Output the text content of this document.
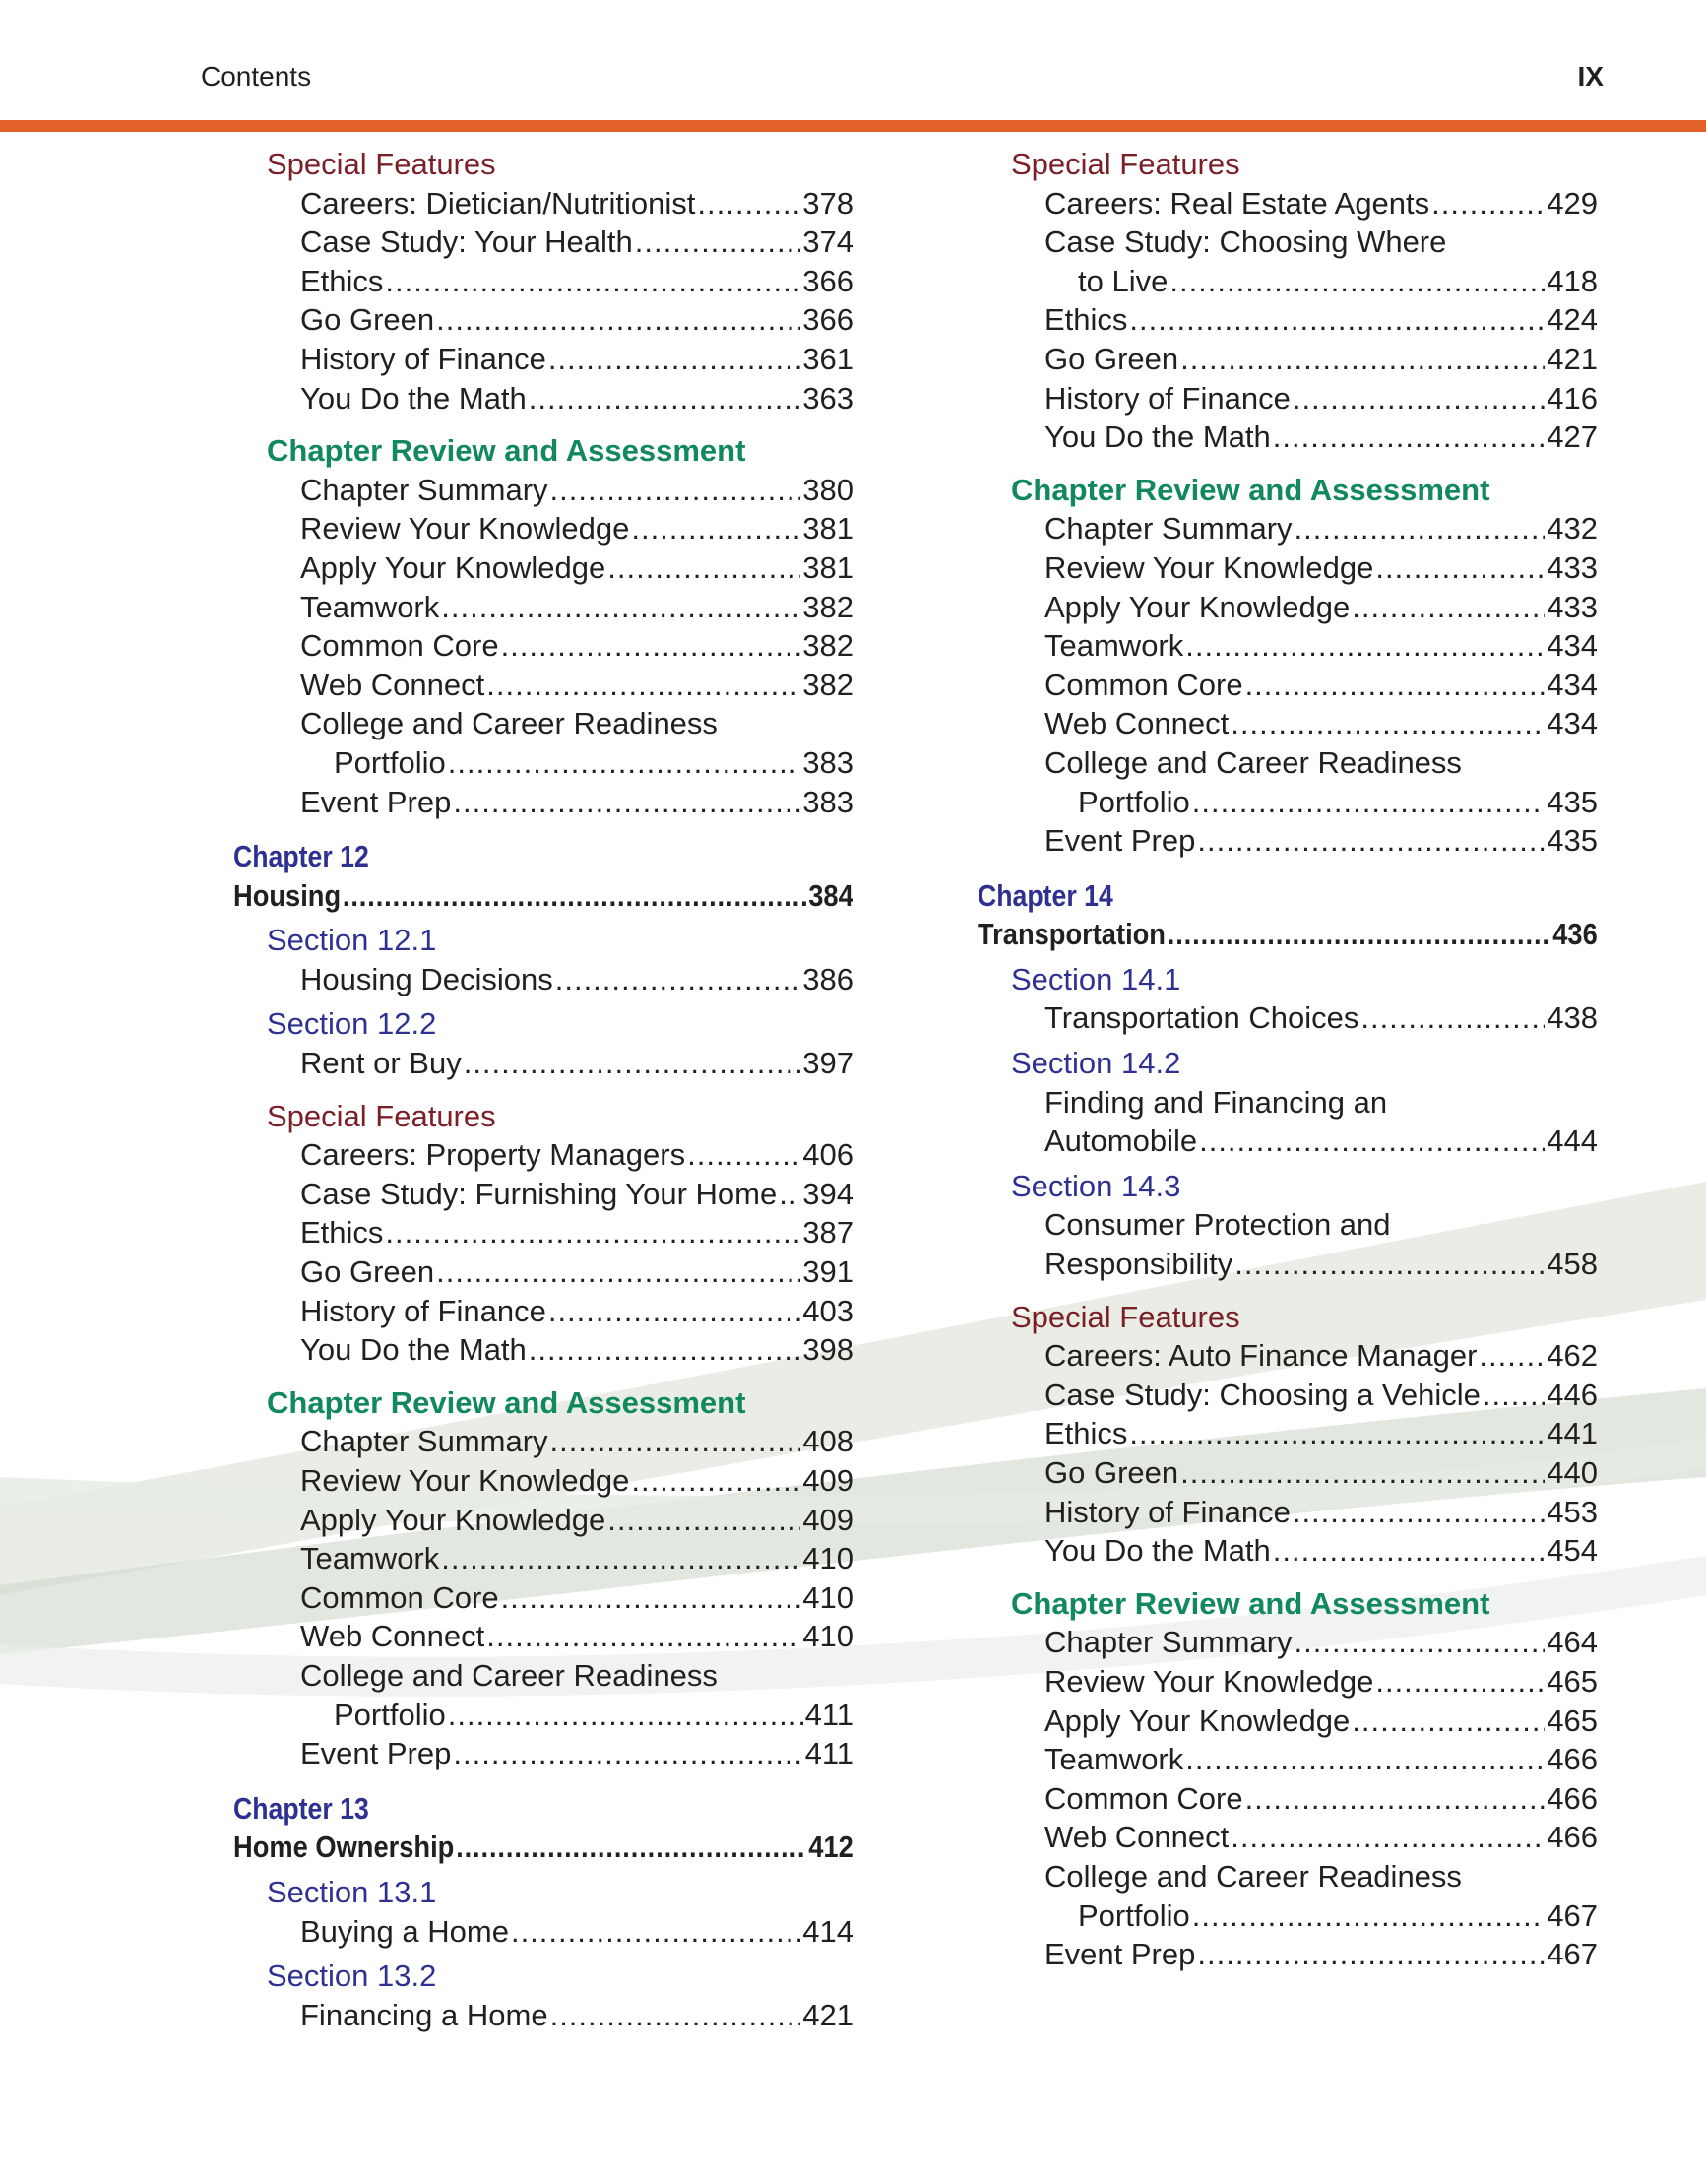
Contents	IX
Special Features
Careers: Dietician/Nutritionist .....	378
Case Study: Your Health .....	374
Ethics .....	366
Go Green .....	366
History of Finance .....	361
You Do the Math .....	363
Chapter Review and Assessment
Chapter Summary .....	380
Review Your Knowledge .....	381
Apply Your Knowledge .....	381
Teamwork .....	382
Common Core .....	382
Web Connect .....	382
College and Career Readiness
Portfolio .....	383
Event Prep .....	383
Chapter 12
Housing .....	384
Section 12.1
Housing Decisions .....	386
Section 12.2
Rent or Buy .....	397
Special Features
Careers: Property Managers .....	406
Case Study: Furnishing Your Home ..... 394
Ethics .....	387
Go Green .....	391
History of Finance .....	403
You Do the Math .....	398
Chapter Review and Assessment
Chapter Summary .....	408
Review Your Knowledge .....	409
Apply Your Knowledge .....	409
Teamwork .....	410
Common Core .....	410
Web Connect .....	410
College and Career Readiness
Portfolio .....	411
Event Prep .....	411
Chapter 13
Home Ownership .....	412
Section 13.1
Buying a Home .....	414
Section 13.2
Financing a Home .....	421
Special Features
Careers: Real Estate Agents .....	429
Case Study: Choosing Where
to Live .....	418
Ethics .....	424
Go Green .....	421
History of Finance .....	416
You Do the Math .....	427
Chapter Review and Assessment
Chapter Summary .....	432
Review Your Knowledge .....	433
Apply Your Knowledge .....	433
Teamwork .....	434
Common Core .....	434
Web Connect .....	434
College and Career Readiness
Portfolio .....	435
Event Prep .....	435
Chapter 14
Transportation .....	436
Section 14.1
Transportation Choices .....	438
Section 14.2
Finding and Financing an
Automobile .....	444
Section 14.3
Consumer Protection and
Responsibility .....	458
Special Features
Careers: Auto Finance Manager ..... 462
Case Study: Choosing a Vehicle ..... 446
Ethics .....	441
Go Green .....	440
History of Finance .....	453
You Do the Math .....	454
Chapter Review and Assessment
Chapter Summary .....	464
Review Your Knowledge .....	465
Apply Your Knowledge .....	465
Teamwork .....	466
Common Core .....	466
Web Connect .....	466
College and Career Readiness
Portfolio .....	467
Event Prep .....	467
